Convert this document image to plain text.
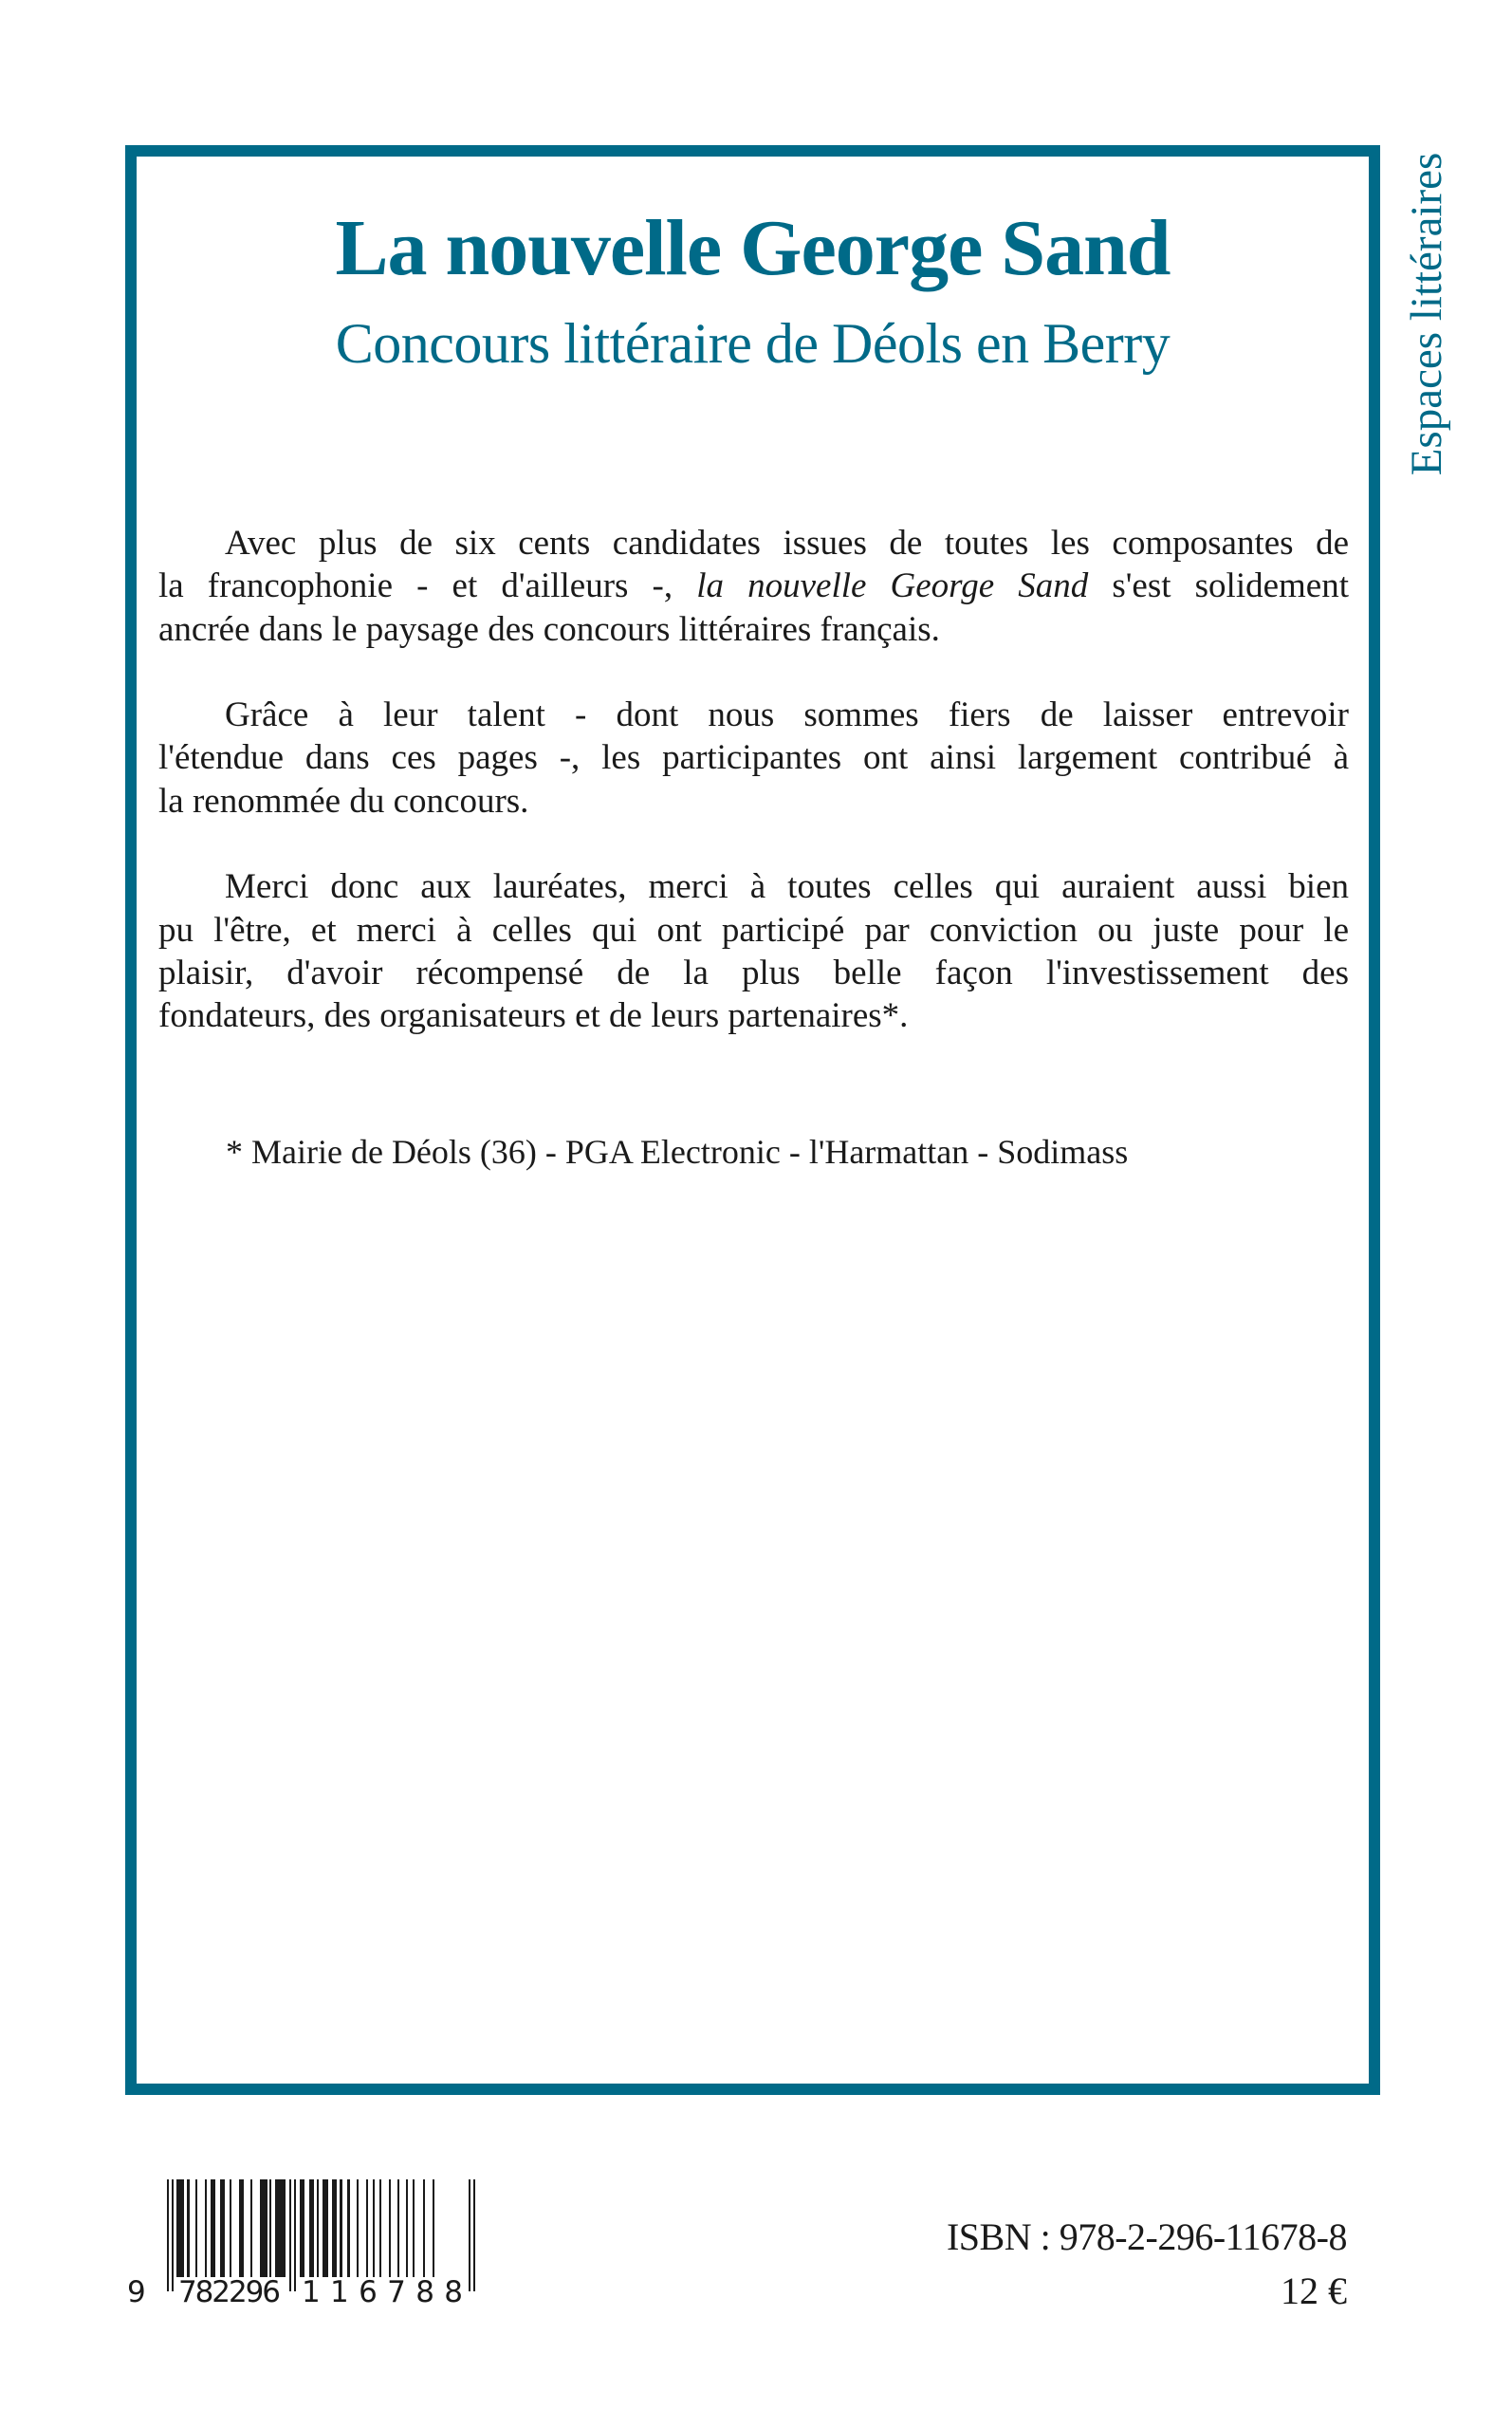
Espaces littéraires
La nouvelle George Sand
Concours littéraire de Déols en Berry
Avec plus de six cents candidates issues de toutes les composantes de
la francophonie - et d'ailleurs -, la nouvelle George Sand s'est solidement
ancrée dans le paysage des concours littéraires français.
Grâce à leur talent - dont nous sommes fiers de laisser entrevoir
l'étendue dans ces pages -, les participantes ont ainsi largement contribué à
la renommée du concours.
Merci donc aux lauréates, merci à toutes celles qui auraient aussi bien
pu l'être, et merci à celles qui ont participé par conviction ou juste pour le
plaisir, d'avoir récompensé de la plus belle façon l'investissement des
fondateurs, des organisateurs et de leurs partenaires*.
* Mairie de Déols (36) - PGA Electronic - l'Harmattan - Sodimass
9 782296 116788
ISBN : 978-2-296-11678-8
12 €
